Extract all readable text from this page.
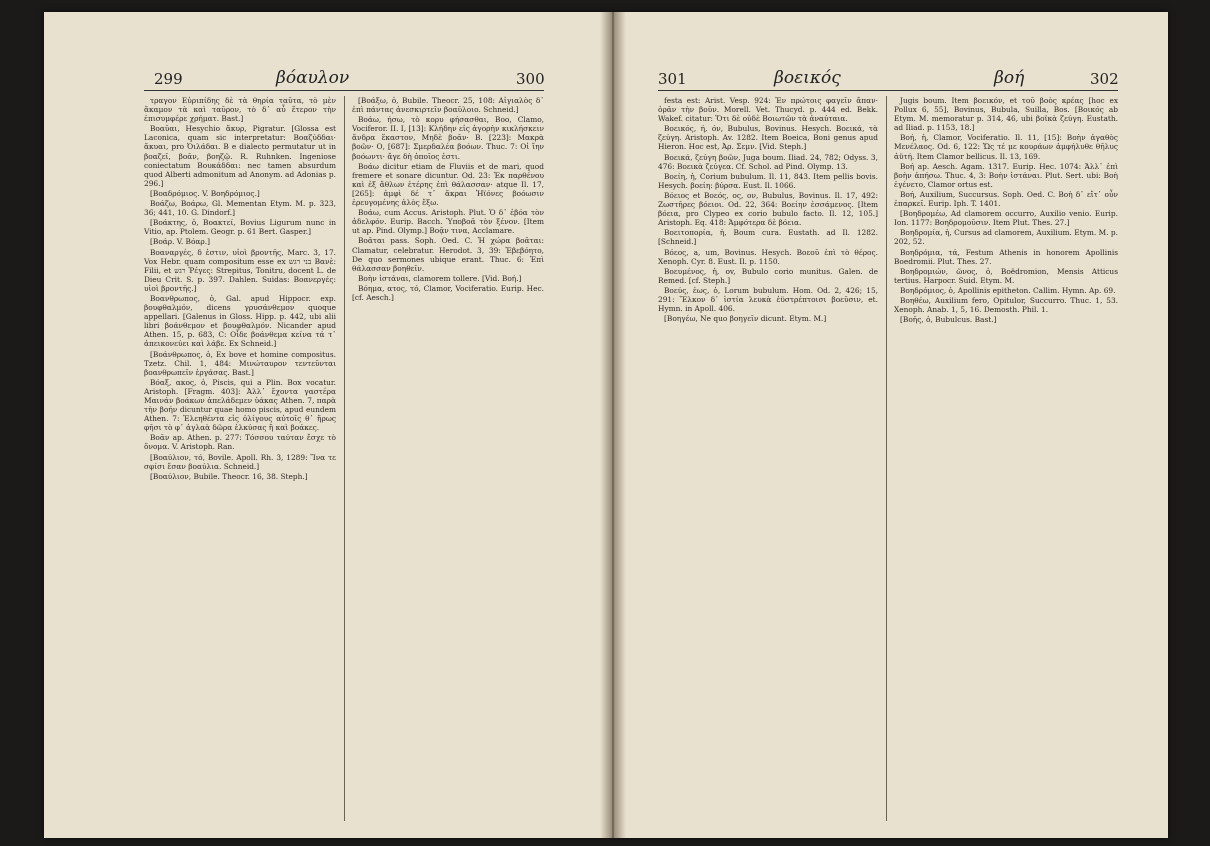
299	βόαυλον	300

τραγον Εὐριπίδης δὲ τὰ θηρία ταῦτα, τὸ μὲν ἄκαμον τὰ καὶ ταῦρον, τὸ δ᾽ αὖ ἕτερον τὴν ἐπισυμφέρε χρήματ. Bast.]

Βοαῦαι, Hesychio ἄκυρ, Pigratur. [Glossa est Laconica, quam sic interpretatur: Βοαζύδδαι· ἄκυαι, pro Ὀιλάδαι. B e dialecto permutatur ut in βοαζεῖ, βοᾶν, βοηζῷ. R. Ruhnken. Ingeniose coniectatum Βουκάδδαι: nec tamen absurdum quod Alberti admonitum ad Anonym. ad Adonias p. 296.]

[Βοαδρόμιος. V. Βοηδρόμιος.]

Βοάζω, Boάρω, Gl. Mementan Etym. M. p. 323, 36; 441, 10. G. Dindorf.]

[Βοάκτης, ὁ, Βοακτεί, Bovius Ligurum nunc in Vitio, ap. Ptolem. Geogr. p. 61 Bert. Gasper.]

[Βοάρ. V. Βόαρ.]

Βοαναργές, δ ἐστιν, υἱοὶ βροντῆς, Marc. 3, 17. Vox Hebr. quam compositum esse ex בני רגש Βανὲ: Filii, et רגש Ῥέγες: Strepitus, Tonitru, docent L. de Dieu Crit. S. p. 397. Dahlen. Suidas: Βοανεργές: υἱοὶ βροντῆς.]

Βοανθρωπος, ὁ, Gal. apud Hippocr. exp. βουφθαλμόν, dicens γρυσάνθεμον quoque appellari. [Galenus in Gloss. Hipp. p. 442, ubi alii libri βοάνθεμον et βουφθαλμόν. Nicander apud Athen. 15, p. 683, C: Οἶδε βοάνθεμα κείνα τά τ᾽ ἀπεικονεύει καὶ λάβε. Ex Schneid.]

[Βοάνθρωπος, ὁ, Ex bove et homine compositus. Tzetz. Chil. 1, 484: Μινώταυρον τεντεῦνται βοανθρωπεῖν ἐργάσας. Bast.]

Βόαξ, ακος, ὁ, Piscis, qui a Plin. Box vocatur. Aristoph. [Fragm. 403]: Ἀλλ᾽ ἔχοντα γαστέρα Μαινάν βοάκων ἀπελάδεμεν ὑάκας Athen. 7, παρὰ τὴν βοήν dicuntur quae homo piscis, apud eundem Athen. 7: Ἐλεηθέντα εἰς ὀλίγους αὐτοῖς θ᾽ ἤρως φῆσι τὸ φ᾽ ἀγλαὰ δῶρα ἑλκύσας ἢ καὶ βοάκες.

Βοᾶν ap. Athen. p. 277: Τόσσου ταύταν ἔσχε τὸ ὄνομα. V. Aristoph. Ran.

[Βοαύλιον, τό, Bovile. Apoll. Rh. 3, 1289: Ἵνα τε σφίσι ἔσαν βοαύλια. Schneid.]

[Βοαύλιον, Bubile. Theocr. 16, 38. Steph.]

[Βοάξω, ὁ, Bubile. Theocr. 25, 108: Αἰγιαλὸς δ᾽ ἐπὶ πάντας ἀνεσκιρτεῖν βοαῦλοιο. Schneid.]

Βοάω, ήσω, τὸ κορυ φήσασθαι, Boo, Clamo, Vociferor. II. I, [13]: Κλήδην εἰς ἀγορὴν κικλήσκειν ἄνδρα ἕκαστον, Μηδὲ βοᾶν· Β. [223]: Μακρὰ βοῶν· Ο, [687]: Σμερδαλέα βοόων. Thuc. 7: Οἱ ἴην βοόωντι· ἄγε δὴ ὁποῖος ἐστι.

Βοάω dicitur etiam de Fluviis et de mari, quod fremere et sonare dicuntur. Od. 23: Ἐκ παρθένου καὶ ἐξ ἄθλων ἑτέρης ἐπὶ θάλασσαν· atque Il. 17, [265]: ἀμφὶ δέ τ᾽ ἄκραι Ἠϊόνες βοόωσιν ἐρευγομένης ἁλὸς ἔξω.

Βοάω, cum Accus. Aristoph. Plut. Ὁ δ᾽ ἐβόα τὸν ἀδελφόν. Eurip. Bacch. Ὑποβοᾶ τὸν ξένον. [Item ut ap. Pind. Olymp.] Βοᾷν τινα, Acclamare.

Βοᾶται pass. Soph. Oed. C. Ἡ χώρα βοᾶται: Clamatur, celebratur. Herodot. 3, 39: Ἐβεβόητο, De quo sermones ubique erant. Thuc. 6: Ἐπὶ θάλασσαν βοηθεῖν.

Βοὴν ἱστάναι, clamorem tollere. [Vid. Βοή.]

Βόημα, ατος, τό, Clamor, Vociferatio. Eurip. Hec. [cf. Aesch.]

301	βοεικός	βοή	302

festa est: Arist. Vesp. 924: Ἐν πρώτοις φαγεῖν ἄπαν· ὁρᾶν τὴν βοῦν. Morell. Vet. Thucyd. p. 444 ed. Bekk. Wakef. citatur: Ὅτι δὲ οὐδὲ Βοιωτῶν τὰ ἀναύταια.

Βοεικός, ή, όν, Bubulus, Bovinus. Hesych. Βοεικά, τὰ ζεύγη. Aristoph. Av. 1282. Item Boeica, Boni genus apud Hieron. Hoc est, Ἀρ. Σεμν. [Vid. Steph.]

Βοεικά, ζεύγη βοῶν, Juga boum. Iliad. 24, 782; Odyss. 3, 476: Βοεικὰ ζεύγεα. Cf. Schol. ad Pind. Olymp. 13.

Βοείη, ἡ, Corium bubulum. Il. 11, 843. Item pellis bovis. Hesych. βοείη: βύρσα. Eust. Il. 1066.

Βόειος et Βοεός, ος, ον, Bubulus, Bovinus. Il. 17, 492: Ζωστῆρες βόειοι. Od. 22, 364: Βοείην ἐσσάμενος. [Item βόεια, pro Clypeo ex corio bubulo facto. Il. 12, 105.] Aristoph. Eq. 418: Ἀμφότερα δὲ βόεια.

Βοειτοπορία, ἡ, Boum cura. Eustath. ad Il. 1282. [Schneid.]

Βόεος, a, um, Bovinus. Hesych. Βοεοῦ ἐπὶ τὸ θέρος. Xenoph. Cyr. 8. Eust. Il. p. 1150.

Βοευμένος, ἡ, ov, Bubulo corio munitus. Galen. de Remed. [cf. Steph.]

Βοεύς, ἐως, ὁ, Lorum bubulum. Hom. Od. 2, 426; 15, 291: Ἕλκον δ᾽ ἱστία λευκὰ ἐϋστρέπτοισι βοεῦσιν, et. Hymn. in Apoll. 406.

[Βοηγέω, Ne quo βοηγεῖν dicunt. Etym. M.]

Jugis boum. Item βοεικόν, et τοῦ βοὸς κρέας [hoc ex Pollux 6, 55], Bovinus, Bubula, Suilla, Bos. [Βοικός ab Etym. M. memoratur p. 314, 46, ubi βοϊκὰ ζεύγη. Eustath. ad Iliad. p. 1153, 18.]

Βοή, ἡ, Clamor, Vociferatio. Il. 11, [15]: Βοὴν ἀγαθὸς Μενέλαος. Od. 6, 122: Ὥς τέ με κουράων ἀμφήλυθε θῆλυς ἀϋτή. Item Clamor bellicus. Il. 13, 169.

Βοή ap. Aesch. Agam. 1317. Eurip. Hec. 1074: Ἀλλ᾽ ἐπὶ βοὴν ἀπήσω. Thuc. 4, 3: Βοὴν ἱστάναι. Plut. Sert. ubi: Βοὴ ἐγένετο, Clamor ortus est.

Βοή, Auxilium, Succursus. Soph. Oed. C. Βοὴ δ᾽ εἴτ᾽ οὖν ἐπαρκεῖ. Eurip. Iph. T. 1401.

[Βοηδρομέω, Ad clamorem occurro, Auxilio venio. Eurip. Ion. 1177: Βοηδρομοῦσιν. Item Plut. Thes. 27.]

Βοηδρομία, ἡ, Cursus ad clamorem, Auxilium. Etym. M. p. 202, 52.

Βοηδρόμια, τά, Festum Athenis in honorem Apollinis Boedromii. Plut. Thes. 27.

Βοηδρομιών, ῶνος, ὁ, Boëdromion, Mensis Atticus tertius. Harpocr. Suid. Etym. M.

Βοηδρόμιος, ὁ, Apollinis epitheton. Callim. Hymn. Ap. 69.

Βοηθέω, Auxilium fero, Opitulor, Succurro. Thuc. 1, 53. Xenoph. Anab. 1, 5, 16. Demosth. Phil. 1.

[Βοῆς, ὁ, Bubulcus. Bast.]
